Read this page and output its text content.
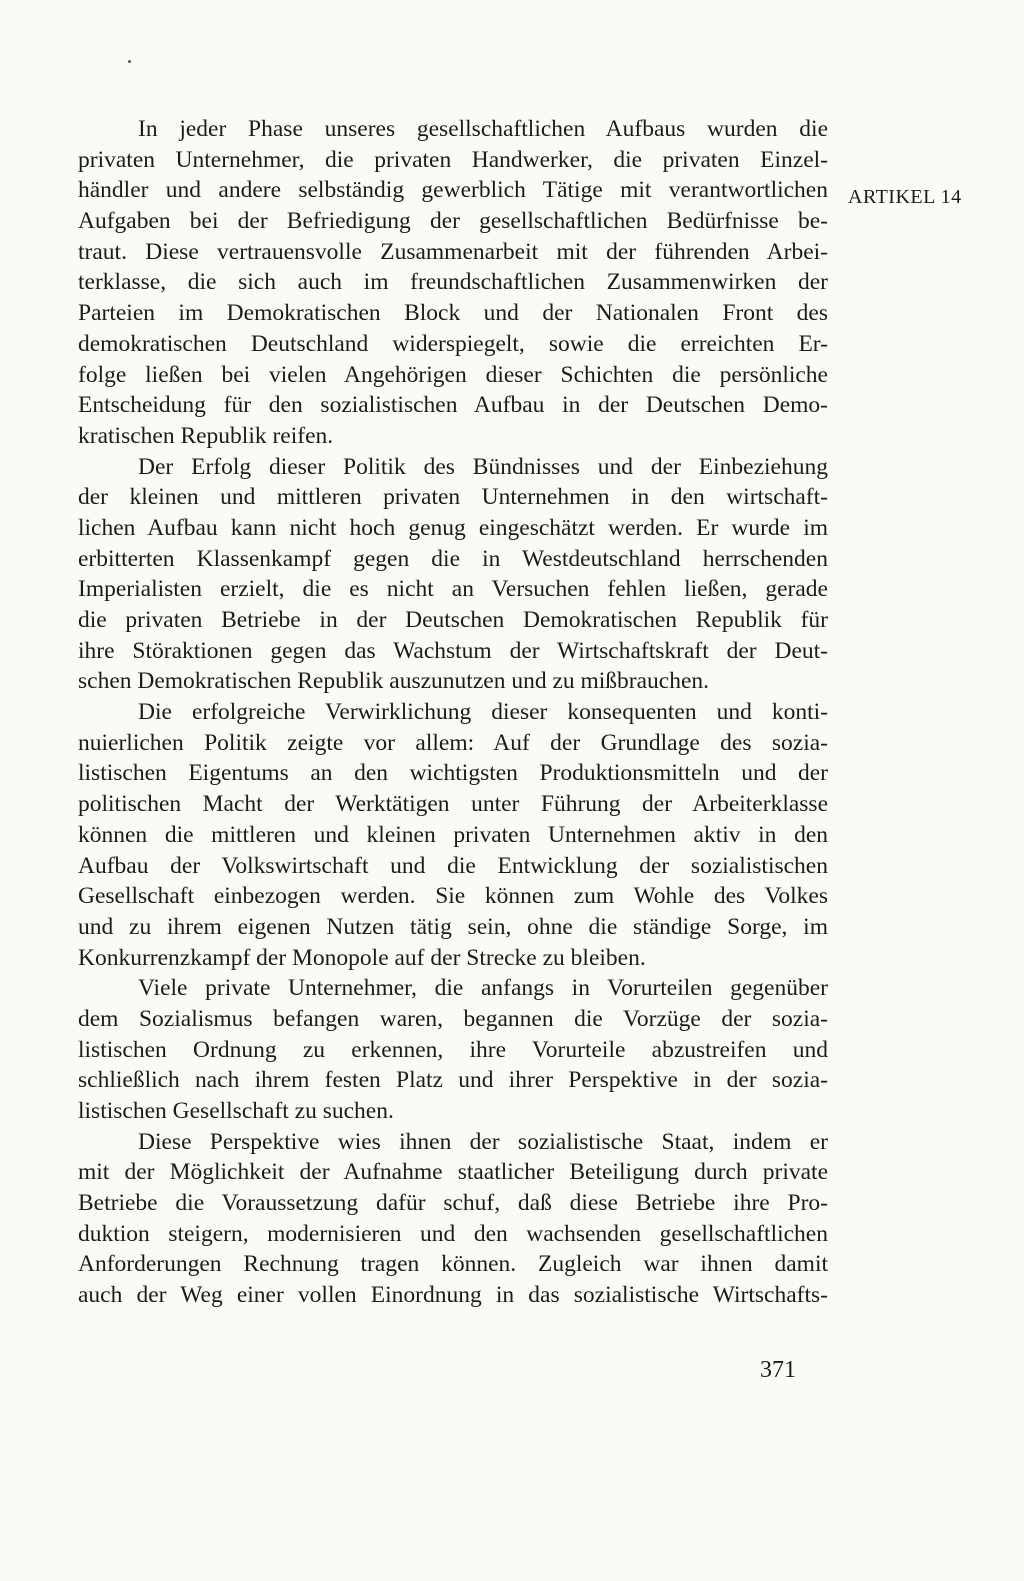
In jeder Phase unseres gesellschaftlichen Aufbaus wurden die
privaten Unternehmer, die privaten Handwerker, die privaten Einzel-
händler und andere selbständig gewerblich Tätige mit verantwortlichen
Aufgaben bei der Befriedigung der gesellschaftlichen Bedürfnisse be-
traut. Diese vertrauensvolle Zusammenarbeit mit der führenden Arbei-
terklasse, die sich auch im freundschaftlichen Zusammenwirken der
Parteien im Demokratischen Block und der Nationalen Front des
demokratischen Deutschland widerspiegelt, sowie die erreichten Er-
folge ließen bei vielen Angehörigen dieser Schichten die persönliche
Entscheidung für den sozialistischen Aufbau in der Deutschen Demo-
kratischen Republik reifen.
Der Erfolg dieser Politik des Bündnisses und der Einbeziehung
der kleinen und mittleren privaten Unternehmen in den wirtschaft-
lichen Aufbau kann nicht hoch genug eingeschätzt werden. Er wurde im
erbitterten Klassenkampf gegen die in Westdeutschland herrschenden
Imperialisten erzielt, die es nicht an Versuchen fehlen ließen, gerade
die privaten Betriebe in der Deutschen Demokratischen Republik für
ihre Störaktionen gegen das Wachstum der Wirtschaftskraft der Deut-
schen Demokratischen Republik auszunutzen und zu mißbrauchen.
Die erfolgreiche Verwirklichung dieser konsequenten und konti-
nuierlichen Politik zeigte vor allem: Auf der Grundlage des sozia-
listischen Eigentums an den wichtigsten Produktionsmitteln und der
politischen Macht der Werktätigen unter Führung der Arbeiterklasse
können die mittleren und kleinen privaten Unternehmen aktiv in den
Aufbau der Volkswirtschaft und die Entwicklung der sozialistischen
Gesellschaft einbezogen werden. Sie können zum Wohle des Volkes
und zu ihrem eigenen Nutzen tätig sein, ohne die ständige Sorge, im
Konkurrenzkampf der Monopole auf der Strecke zu bleiben.
Viele private Unternehmer, die anfangs in Vorurteilen gegenüber
dem Sozialismus befangen waren, begannen die Vorzüge der sozia-
listischen Ordnung zu erkennen, ihre Vorurteile abzustreifen und
schließlich nach ihrem festen Platz und ihrer Perspektive in der sozia-
listischen Gesellschaft zu suchen.
Diese Perspektive wies ihnen der sozialistische Staat, indem er
mit der Möglichkeit der Aufnahme staatlicher Beteiligung durch private
Betriebe die Voraussetzung dafür schuf, daß diese Betriebe ihre Pro-
duktion steigern, modernisieren und den wachsenden gesellschaftlichen
Anforderungen Rechnung tragen können. Zugleich war ihnen damit
auch der Weg einer vollen Einordnung in das sozialistische Wirtschafts-
ARTIKEL 14
371
